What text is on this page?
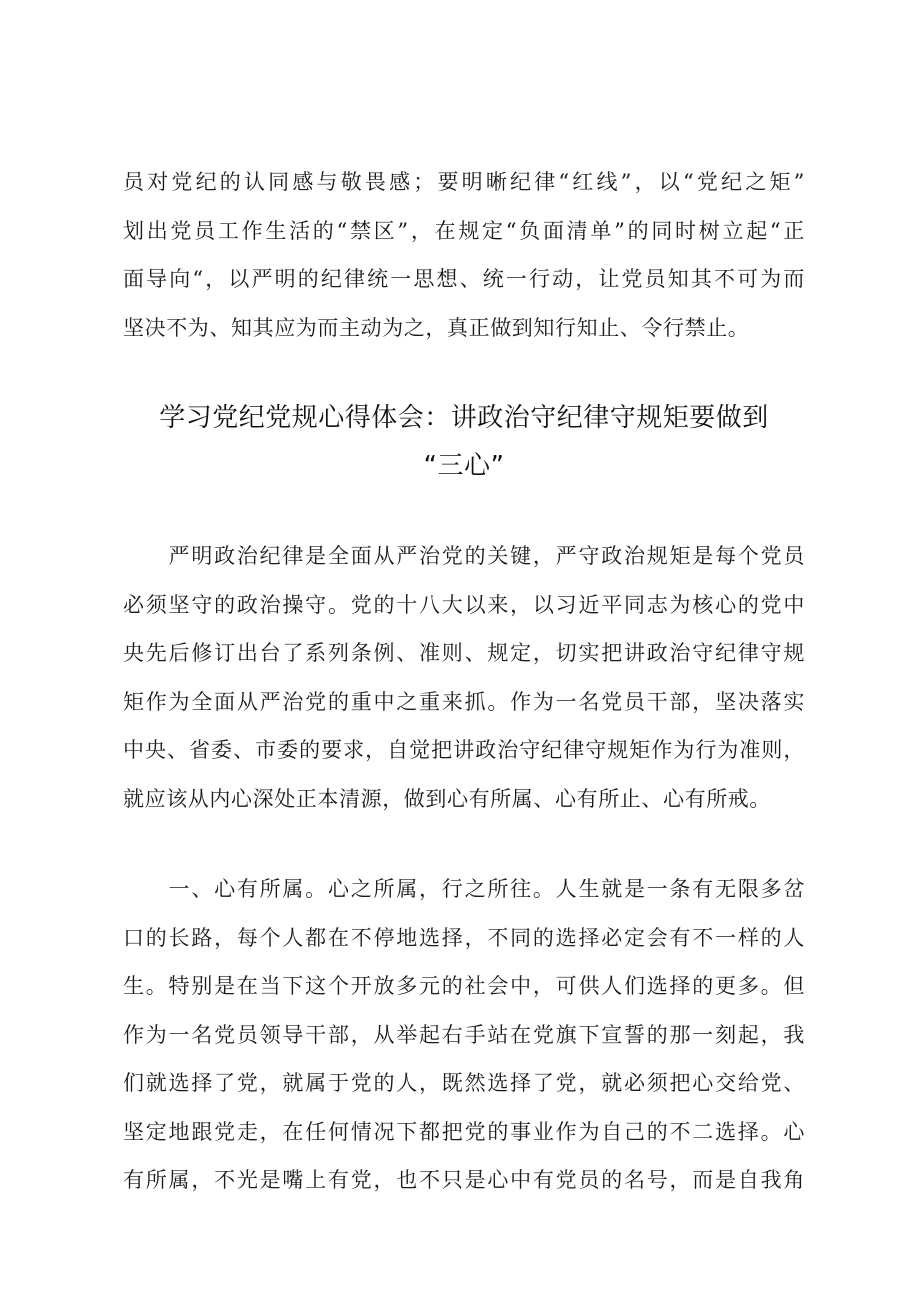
员对党纪的认同感与敬畏感；要明晰纪律“红线”，以“党纪之矩”
划出党员工作生活的“禁区”，在规定“负面清单”的同时树立起“正
面导向“，以严明的纪律统一思想、统一行动，让党员知其不可为而
坚决不为、知其应为而主动为之，真正做到知行知止、令行禁止。
学习党纪党规心得体会：讲政治守纪律守规矩要做到
“三心”
　　严明政治纪律是全面从严治党的关键，严守政治规矩是每个党员
必须坚守的政治操守。党的十八大以来，以习近平同志为核心的党中
央先后修订出台了系列条例、准则、规定，切实把讲政治守纪律守规
矩作为全面从严治党的重中之重来抓。作为一名党员干部，坚决落实
中央、省委、市委的要求，自觉把讲政治守纪律守规矩作为行为准则，
就应该从内心深处正本清源，做到心有所属、心有所止、心有所戒。
　　一、心有所属。心之所属，行之所往。人生就是一条有无限多岔
口的长路，每个人都在不停地选择，不同的选择必定会有不一样的人
生。特别是在当下这个开放多元的社会中，可供人们选择的更多。但
作为一名党员领导干部，从举起右手站在党旗下宣誓的那一刻起，我
们就选择了党，就属于党的人，既然选择了党，就必须把心交给党、
坚定地跟党走，在任何情况下都把党的事业作为自己的不二选择。心
有所属，不光是嘴上有党，也不只是心中有党员的名号，而是自我角
